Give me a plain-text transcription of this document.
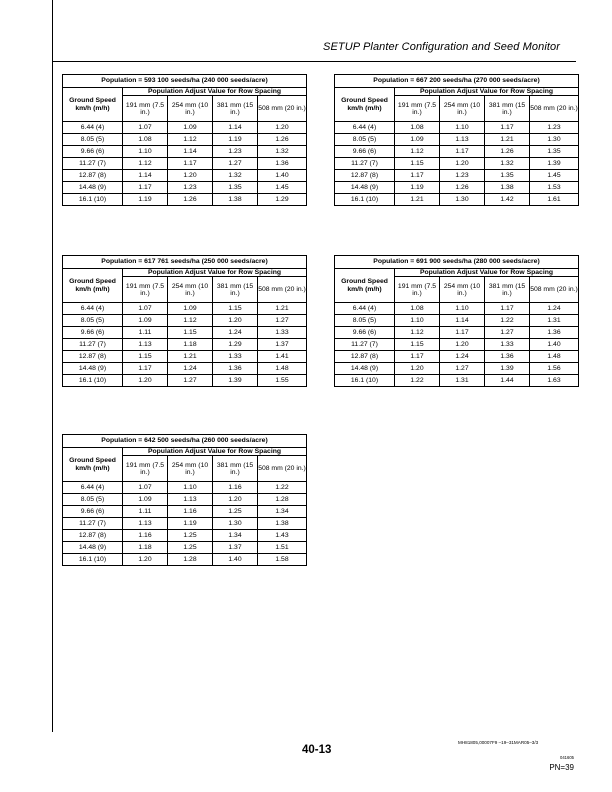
SETUP Planter Configuration and Seed Monitor
Population = 593 100 seeds/ha (240 000 seeds/acre)				
Ground Speed km/h (m/h)	Population Adjust Value for Row Spacing			
	191 mm (7.5 in.)	254 mm (10 in.)	381 mm (15 in.)	508 mm (20 in.)
6.44 (4)	1.07	1.09	1.14	1.20
8.05 (5)	1.08	1.12	1.19	1.26
9.66 (6)	1.10	1.14	1.23	1.32
11.27 (7)	1.12	1.17	1.27	1.36
12.87 (8)	1.14	1.20	1.32	1.40
14.48 (9)	1.17	1.23	1.35	1.45
16.1 (10)	1.19	1.26	1.38	1.29
Population = 667 200 seeds/ha (270 000 seeds/acre)				
Ground Speed km/h (m/h)	Population Adjust Value for Row Spacing			
	191 mm (7.5 in.)	254 mm (10 in.)	381 mm (15 in.)	508 mm (20 in.)
6.44 (4)	1.08	1.10	1.17	1.23
8.05 (5)	1.09	1.13	1.21	1.30
9.66 (6)	1.12	1.17	1.26	1.35
11.27 (7)	1.15	1.20	1.32	1.39
12.87 (8)	1.17	1.23	1.35	1.45
14.48 (9)	1.19	1.26	1.38	1.53
16.1 (10)	1.21	1.30	1.42	1.61
Population = 617 761 seeds/ha (250 000 seeds/acre)				
Ground Speed km/h (m/h)	Population Adjust Value for Row Spacing			
	191 mm (7.5 in.)	254 mm (10 in.)	381 mm (15 in.)	508 mm (20 in.)
6.44 (4)	1.07	1.09	1.15	1.21
8.05 (5)	1.09	1.12	1.20	1.27
9.66 (6)	1.11	1.15	1.24	1.33
11.27 (7)	1.13	1.18	1.29	1.37
12.87 (8)	1.15	1.21	1.33	1.41
14.48 (9)	1.17	1.24	1.36	1.48
16.1 (10)	1.20	1.27	1.39	1.55
Population = 691 900 seeds/ha (280 000 seeds/acre)				
Ground Speed km/h (m/h)	Population Adjust Value for Row Spacing			
	191 mm (7.5 in.)	254 mm (10 in.)	381 mm (15 in.)	508 mm (20 in.)
6.44 (4)	1.08	1.10	1.17	1.24
8.05 (5)	1.10	1.14	1.22	1.31
9.66 (6)	1.12	1.17	1.27	1.36
11.27 (7)	1.15	1.20	1.33	1.40
12.87 (8)	1.17	1.24	1.36	1.48
14.48 (9)	1.20	1.27	1.39	1.56
16.1 (10)	1.22	1.31	1.44	1.63
Population = 642 500 seeds/ha (260 000 seeds/acre)				
Ground Speed km/h (m/h)	Population Adjust Value for Row Spacing			
	191 mm (7.5 in.)	254 mm (10 in.)	381 mm (15 in.)	508 mm (20 in.)
6.44 (4)	1.07	1.10	1.16	1.22
8.05 (5)	1.09	1.13	1.20	1.28
9.66 (6)	1.11	1.16	1.25	1.34
11.27 (7)	1.13	1.19	1.30	1.38
12.87 (8)	1.16	1.25	1.34	1.43
14.48 (9)	1.18	1.25	1.37	1.51
16.1 (10)	1.20	1.28	1.40	1.58
MH81805,00007F9 –19–31MAR05–3/3
40-13
041605
PN=39
